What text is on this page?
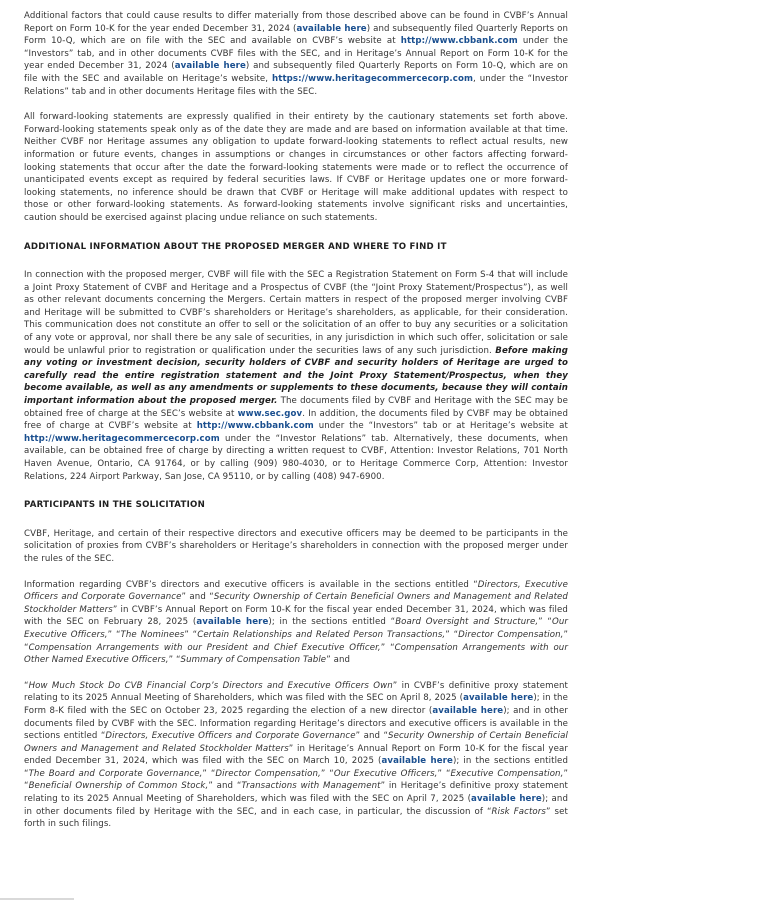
Additional factors that could cause results to differ materially from those described above can be found in CVBF’s Annual Report on Form 10-K for the year ended December 31, 2024 (available here) and subsequently filed Quarterly Reports on Form 10-Q, which are on file with the SEC and available on CVBF’s website at http://www.cbbank.com under the “Investors” tab, and in other documents CVBF files with the SEC, and in Heritage’s Annual Report on Form 10-K for the year ended December 31, 2024 (available here) and subsequently filed Quarterly Reports on Form 10-Q, which are on file with the SEC and available on Heritage’s website, https://www.heritagecommercecorp.com, under the “Investor Relations” tab and in other documents Heritage files with the SEC.

All forward-looking statements are expressly qualified in their entirety by the cautionary statements set forth above. Forward-looking statements speak only as of the date they are made and are based on information available at that time. Neither CVBF nor Heritage assumes any obligation to update forward-looking statements to reflect actual results, new information or future events, changes in assumptions or changes in circumstances or other factors affecting forward-looking statements that occur after the date the forward-looking statements were made or to reflect the occurrence of unanticipated events except as required by federal securities laws. If CVBF or Heritage updates one or more forward-looking statements, no inference should be drawn that CVBF or Heritage will make additional updates with respect to those or other forward-looking statements. As forward-looking statements involve significant risks and uncertainties, caution should be exercised against placing undue reliance on such statements.

ADDITIONAL INFORMATION ABOUT THE PROPOSED MERGER AND WHERE TO FIND IT

In connection with the proposed merger, CVBF will file with the SEC a Registration Statement on Form S-4 that will include a Joint Proxy Statement of CVBF and Heritage and a Prospectus of CVBF (the “Joint Proxy Statement/Prospectus”), as well as other relevant documents concerning the Mergers. Certain matters in respect of the proposed merger involving CVBF and Heritage will be submitted to CVBF’s shareholders or Heritage’s shareholders, as applicable, for their consideration. This communication does not constitute an offer to sell or the solicitation of an offer to buy any securities or a solicitation of any vote or approval, nor shall there be any sale of securities, in any jurisdiction in which such offer, solicitation or sale would be unlawful prior to registration or qualification under the securities laws of any such jurisdiction. Before making any voting or investment decision, security holders of CVBF and security holders of Heritage are urged to carefully read the entire registration statement and the Joint Proxy Statement/Prospectus, when they become available, as well as any amendments or supplements to these documents, because they will contain important information about the proposed merger. The documents filed by CVBF and Heritage with the SEC may be obtained free of charge at the SEC’s website at www.sec.gov. In addition, the documents filed by CVBF may be obtained free of charge at CVBF’s website at http://www.cbbank.com under the “Investors” tab or at Heritage’s website at http://www.heritagecommercecorp.com under the “Investor Relations” tab. Alternatively, these documents, when available, can be obtained free of charge by directing a written request to CVBF, Attention: Investor Relations, 701 North Haven Avenue, Ontario, CA 91764, or by calling (909) 980-4030, or to Heritage Commerce Corp, Attention: Investor Relations, 224 Airport Parkway, San Jose, CA 95110, or by calling (408) 947-6900.

PARTICIPANTS IN THE SOLICITATION

CVBF, Heritage, and certain of their respective directors and executive officers may be deemed to be participants in the solicitation of proxies from CVBF’s shareholders or Heritage’s shareholders in connection with the proposed merger under the rules of the SEC.

Information regarding CVBF’s directors and executive officers is available in the sections entitled “Directors, Executive Officers and Corporate Governance” and “Security Ownership of Certain Beneficial Owners and Management and Related Stockholder Matters” in CVBF’s Annual Report on Form 10-K for the fiscal year ended December 31, 2024, which was filed with the SEC on February 28, 2025 (available here); in the sections entitled “Board Oversight and Structure,” “Our Executive Officers,” “The Nominees” “Certain Relationships and Related Person Transactions,” “Director Compensation,” “Compensation Arrangements with our President and Chief Executive Officer,” “Compensation Arrangements with our Other Named Executive Officers,” “Summary of Compensation Table” and

“How Much Stock Do CVB Financial Corp’s Directors and Executive Officers Own” in CVBF’s definitive proxy statement relating to its 2025 Annual Meeting of Shareholders, which was filed with the SEC on April 8, 2025 (available here); in the Form 8-K filed with the SEC on October 23, 2025 regarding the election of a new director (available here); and in other documents filed by CVBF with the SEC. Information regarding Heritage’s directors and executive officers is available in the sections entitled “Directors, Executive Officers and Corporate Governance” and “Security Ownership of Certain Beneficial Owners and Management and Related Stockholder Matters” in Heritage’s Annual Report on Form 10-K for the fiscal year ended December 31, 2024, which was filed with the SEC on March 10, 2025 (available here); in the sections entitled “The Board and Corporate Governance,” “Director Compensation,” “Our Executive Officers,” “Executive Compensation,” “Beneficial Ownership of Common Stock,” and “Transactions with Management” in Heritage’s definitive proxy statement relating to its 2025 Annual Meeting of Shareholders, which was filed with the SEC on April 7, 2025 (available here); and in other documents filed by Heritage with the SEC, and in each case, in particular, the discussion of “Risk Factors” set forth in such filings.
